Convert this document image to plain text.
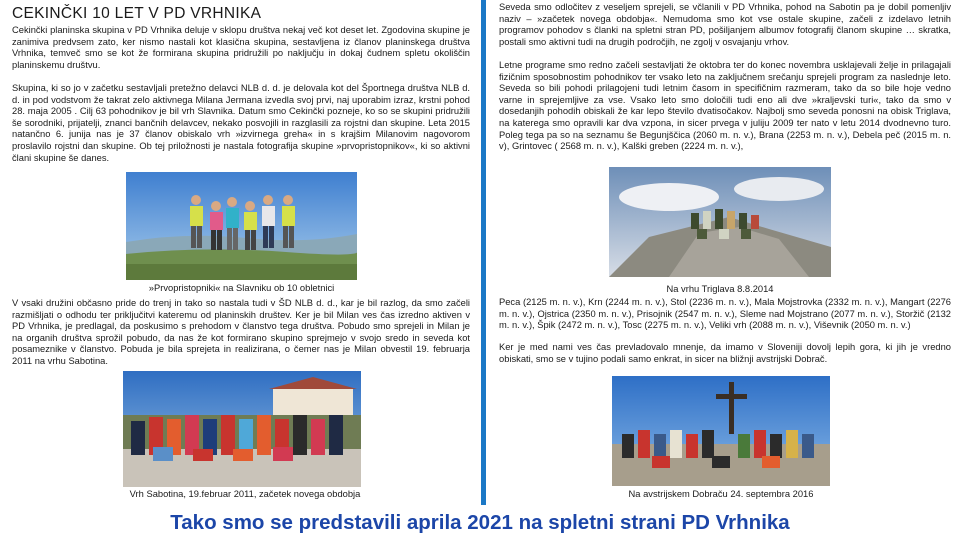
CEKINČKI 10 LET V PD VRHNIKA

Cekinčki planinska skupina v PD Vrhnika deluje v sklopu društva nekaj več kot deset let. Zgodovina skupine je zanimiva predvsem zato, ker nismo nastali kot klasična skupina, sestavljena iz članov planinskega društva Vrhnika, temveč smo se kot že formirana skupina pridružili po naključju in dokaj čudnem spletu okoliščin planinskemu društvu.

Skupina, ki so jo v začetku sestavljali pretežno delavci NLB d. d. je delovala kot del Športnega društva NLB d. d. in pod vodstvom že takrat zelo aktivnega Milana Jermana izvedla svoj prvi, naj uporabim izraz, krstni pohod 28. maja 2005 . Cilj 63 pohodnikov je bil vrh Slavnika. Datum smo Cekinčki pozneje, ko so se skupini pridružili še sorodniki, prijatelji, znanci bančnih delavcev, nekako posvojili in razglasili za rojstni dan skupine. Leta 2015 natančno 6. junija nas je 37 članov obiskalo vrh »izvirnega greha« in s krajšim Milanovim nagovorom proslavilo rojstni dan skupine. Ob tej priložnosti je nastala fotografija skupine »prvopristopnikov«, ki so aktivni člani skupine še danes.

»Prvopristopniki« na Slavniku ob 10 obletnici

V vsaki družini občasno pride do trenj in tako so nastala tudi v ŠD NLB d. d., kar je bil razlog, da smo začeli razmišljati o odhodu ter priključitvi kateremu od planinskih društev. Ker je bil Milan ves čas izredno aktiven v PD Vrhnika, je predlagal, da poskusimo s prehodom v članstvo tega društva. Pobudo smo sprejeli in Milan je na organih društva sprožil pobudo, da nas že kot formirano skupino sprejmejo v svojo sredo in seveda kot posameznike v članstvo. Pobuda je bila sprejeta in realizirana, o čemer nas je Milan obvestil 19. februarja 2011 na vrhu Sabotina.

Vrh Sabotina, 19.februar 2011, začetek novega obdobja

Seveda smo odločitev z veseljem sprejeli, se včlanili v PD Vrhnika, pohod na Sabotin pa je dobil pomenljiv naziv – »začetek novega obdobja«. Nemudoma smo kot vse ostale skupine, začeli z izdelavo letnih programov pohodov s članki na spletni stran PD, pošiljanjem albumov fotografij članom skupine … skratka, postali smo aktivni tudi na drugih področjih, ne zgolj v osvajanju vrhov.

Letne programe smo redno začeli sestavljati že oktobra ter do konec novembra usklajevali želje in prilagajali fizičnim sposobnostim pohodnikov ter vsako leto na zaključnem srečanju sprejeli program za naslednje leto. Seveda so bili pohodi prilagojeni tudi letnim časom in specifičnim razmeram, tako da so bile hoje vedno varne in sprejemljive za vse. Vsako leto smo določili tudi eno ali dve »kraljevski turi«, tako da smo v dosedanjih pohodih obiskali že kar lepo število dvatisočakov. Najbolj smo seveda ponosni na obisk Triglava, na katerega smo opravili kar dva vzpona, in sicer prvega v juliju 2009 ter nato v letu 2014 dvodnevno turo. Poleg tega pa so na seznamu še Begunjščica (2060 m. n. v.), Brana (2253 m. n. v.), Debela peč (2015 m. n. v), Grintovec ( 2568 m. n. v.), Kalški greben (2224 m. n. v.),

Na vrhu Triglava 8.8.2014

Peca (2125 m. n. v.), Krn (2244 m. n. v.), Stol (2236 m. n. v.), Mala Mojstrovka (2332 m. n. v.), Mangart (2276 m. n. v.), Ojstrica (2350 m. n. v.), Prisojnik (2547 m. n. v.), Sleme nad Mojstrano (2077 m. n. v.), Storžič (2132 m. n. v.), Špik (2472 m. n. v.), Tosc (2275 m. n. v.), Veliki vrh (2088 m. n. v.), Viševnik (2050 m. n. v.)

Ker je med nami ves čas prevladovalo mnenje, da imamo v Sloveniji dovolj lepih gora, ki jih je vredno obiskati, smo se v tujino podali samo enkrat, in sicer na bližnji avstrijski Dobrač.

Na avstrijskem Dobraču 24. septembra 2016

Tako smo se predstavili aprila 2021 na spletni strani PD Vrhnika
